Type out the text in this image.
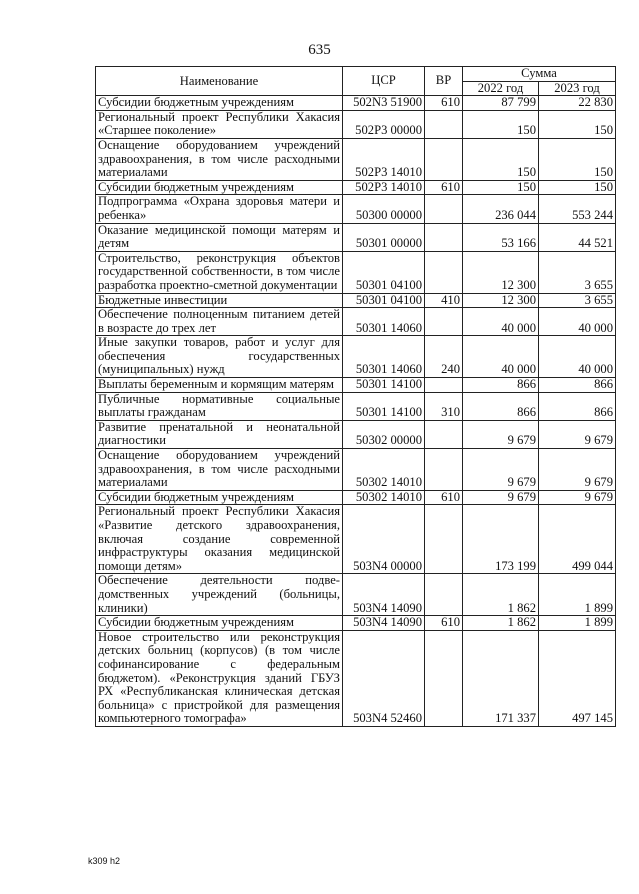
635
Наименование	ЦСР	ВР	Сумма	
			2022 год	2023 год
Субсидии бюджетным учреждениям	502N3 51900	610	87 799	22 830
Региональный проект Республики Хакасия «Старшее поколение»	502P3 00000		150	150
Оснащение оборудованием учреждений здравоохранения, в том числе расходными материалами	502P3 14010		150	150
Субсидии бюджетным учреждениям	502P3 14010	610	150	150
Подпрограмма «Охрана здоровья матери и ребенка»	50300 00000		236 044	553 244
Оказание медицинской помощи матерям и детям	50301 00000		53 166	44 521
Строительство, реконструкция объектов государственной собственности, в том числе разработка проектно-сметной документации	50301 04100		12 300	3 655
Бюджетные инвестиции	50301 04100	410	12 300	3 655
Обеспечение полноценным питанием детей в возрасте до трех лет	50301 14060		40 000	40 000
Иные закупки товаров, работ и услуг для обеспечения государственных (муниципальных) нужд	50301 14060	240	40 000	40 000
Выплаты беременным и кормящим матерям	50301 14100		866	866
Публичные нормативные социальные выплаты гражданам	50301 14100	310	866	866
Развитие пренатальной и неонатальной диагностики	50302 00000		9 679	9 679
Оснащение оборудованием учреждений здравоохранения, в том числе расходными материалами	50302 14010		9 679	9 679
Субсидии бюджетным учреждениям	50302 14010	610	9 679	9 679
Региональный проект Республики Хакасия «Развитие детского здравоохранения, включая создание современной инфраструктуры оказания медицинской помощи детям»	503N4 00000		173 199	499 044
Обеспечение деятельности подведомственных учреждений (больницы, клиники)	503N4 14090		1 862	1 899
Субсидии бюджетным учреждениям	503N4 14090	610	1 862	1 899
Новое строительство или реконструкция детских больниц (корпусов) (в том числе софинансирование с федеральным бюджетом). «Реконструкция зданий ГБУЗ РХ «Республиканская клиническая детская больница» с пристройкой для размещения компьютерного томографа»	503N4 52460		171 337	497 145
k309 h2
